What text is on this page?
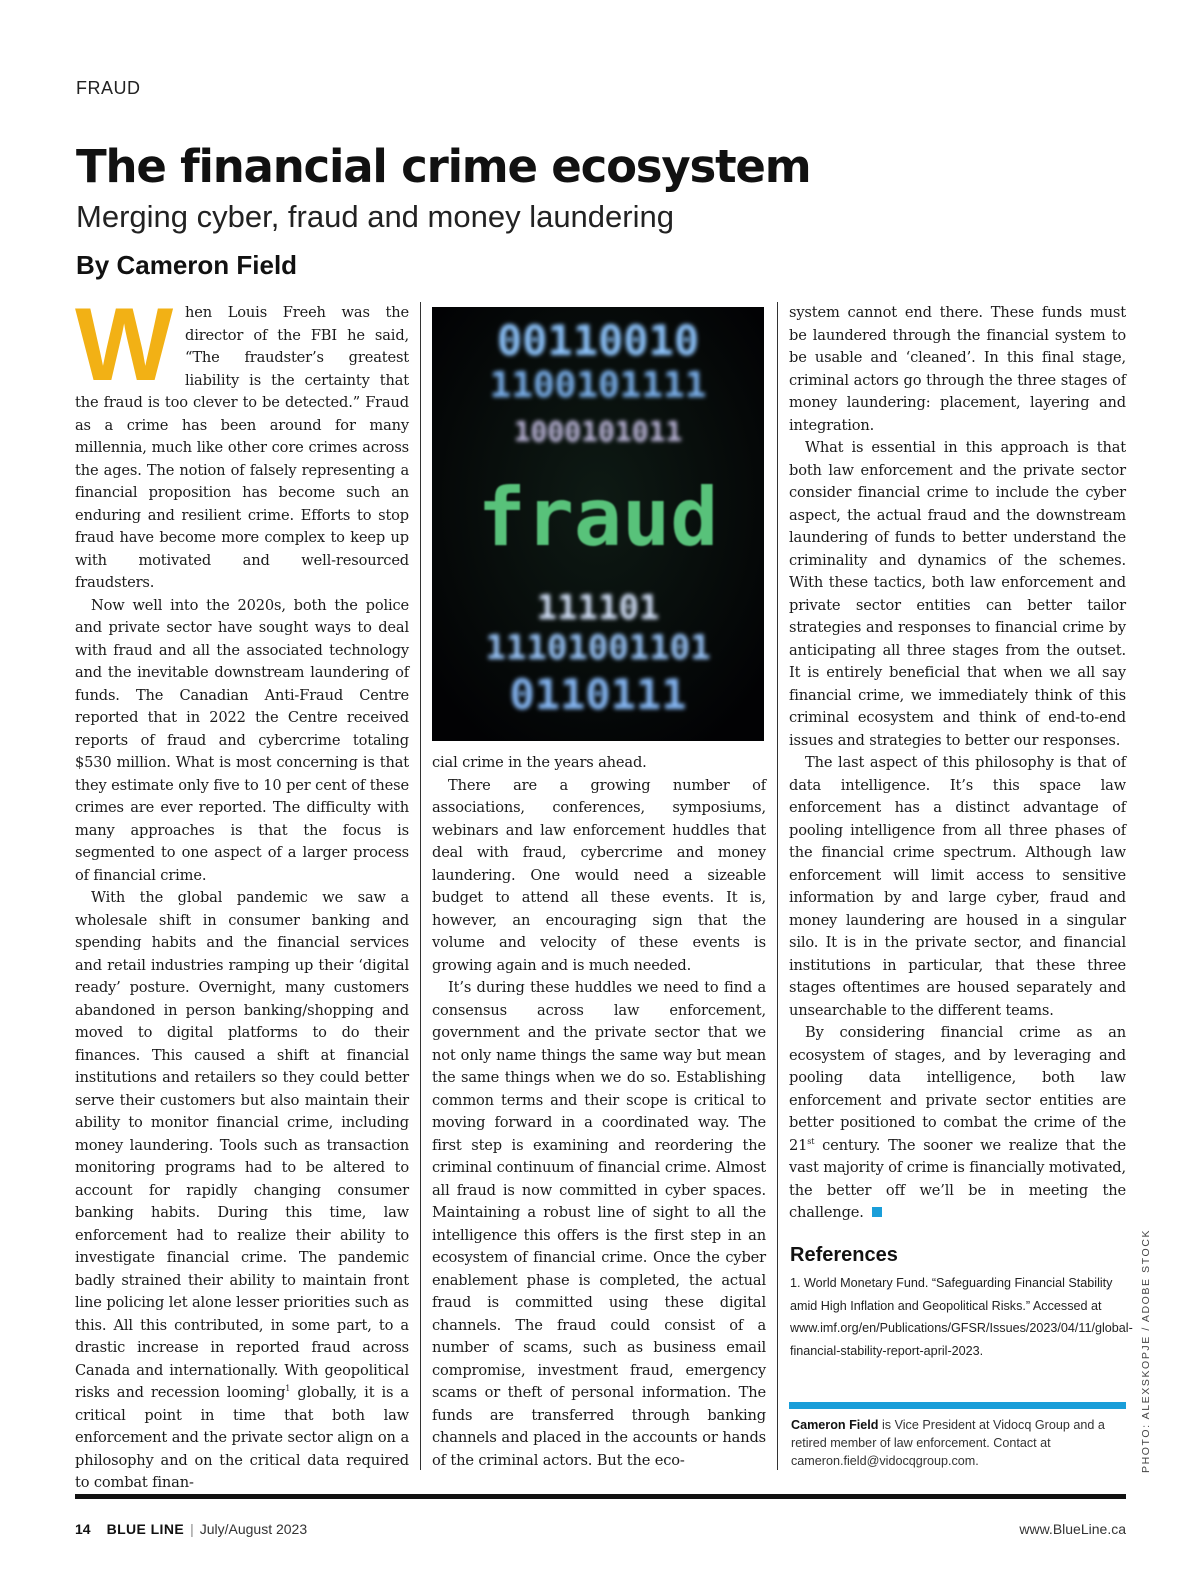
FRAUD
The financial crime ecosystem
Merging cyber, fraud and money laundering
By Cameron Field

When Louis Freeh was the director of the FBI he said, “The fraudster’s greatest liability is the certainty that the fraud is too clever to be detected.” Fraud as a crime has been around for many millennia, much like other core crimes across the ages. The notion of falsely representing a financial proposition has become such an enduring and resilient crime. Efforts to stop fraud have become more complex to keep up with motivated and well-resourced fraudsters.

Now well into the 2020s, both the police and private sector have sought ways to deal with fraud and all the associated technology and the inevitable downstream laundering of funds. The Canadian Anti-Fraud Centre reported that in 2022 the Centre received reports of fraud and cybercrime totaling $530 million. What is most concerning is that they estimate only five to 10 per cent of these crimes are ever reported. The difficulty with many approaches is that the focus is segmented to one aspect of a larger process of financial crime.

With the global pandemic we saw a wholesale shift in consumer banking and spending habits and the financial services and retail industries ramping up their ‘digital ready’ posture. Overnight, many customers abandoned in person banking/shopping and moved to digital platforms to do their finances. This caused a shift at financial institutions and retailers so they could better serve their customers but also maintain their ability to monitor financial crime, including money laundering. Tools such as transaction monitoring programs had to be altered to account for rapidly changing consumer banking habits. During this time, law enforcement had to realize their ability to investigate financial crime. The pandemic badly strained their ability to maintain front line policing let alone lesser priorities such as this. All this contributed, in some part, to a drastic increase in reported fraud across Canada and internationally. With geopolitical risks and recession looming$^1$ globally, it is a critical point in time that both law enforcement and the private sector align on a philosophy and on the critical data required to combat finan-

00110010
1100101111
1000101011
111101
11101001101
0110111
fraud

cial crime in the years ahead.

There are a growing number of associations, conferences, symposiums, webinars and law enforcement huddles that deal with fraud, cybercrime and money laundering. One would need a sizeable budget to attend all these events. It is, however, an encouraging sign that the volume and velocity of these events is growing again and is much needed.

It’s during these huddles we need to find a consensus across law enforcement, government and the private sector that we not only name things the same way but mean the same things when we do so. Establishing common terms and their scope is critical to moving forward in a coordinated way. The first step is examining and reordering the criminal continuum of financial crime. Almost all fraud is now committed in cyber spaces. Maintaining a robust line of sight to all the intelligence this offers is the first step in an ecosystem of financial crime. Once the cyber enablement phase is completed, the actual fraud is committed using these digital channels. The fraud could consist of a number of scams, such as business email compromise, investment fraud, emergency scams or theft of personal information. The funds are transferred through banking channels and placed in the accounts or hands of the criminal actors. But the eco-

system cannot end there. These funds must be laundered through the financial system to be usable and ‘cleaned’. In this final stage, criminal actors go through the three stages of money laundering: placement, layering and integration.

What is essential in this approach is that both law enforcement and the private sector consider financial crime to include the cyber aspect, the actual fraud and the downstream laundering of funds to better understand the criminality and dynamics of the schemes. With these tactics, both law enforcement and private sector entities can better tailor strategies and responses to financial crime by anticipating all three stages from the outset. It is entirely beneficial that when we all say financial crime, we immediately think of this criminal ecosystem and think of end-to-end issues and strategies to better our responses.

The last aspect of this philosophy is that of data intelligence. It’s this space law enforcement has a distinct advantage of pooling intelligence from all three phases of the financial crime spectrum. Although law enforcement will limit access to sensitive information by and large cyber, fraud and money laundering are housed in a singular silo. It is in the private sector, and financial institutions in particular, that these three stages oftentimes are housed separately and unsearchable to the different teams.

By considering financial crime as an ecosystem of stages, and by leveraging and pooling data intelligence, both law enforcement and private sector entities are better positioned to combat the crime of the 21st century. The sooner we realize that the vast majority of crime is financially motivated, the better off we’ll be in meeting the challenge.

References
1. World Monetary Fund. “Safeguarding Financial Stability amid High Inflation and Geopolitical Risks.” Accessed at www.imf.org/en/Publications/GFSR/Issues/2023/04/11/global-financial-stability-report-april-2023.
Cameron Field is Vice President at Vidocq Group and a retired member of law enforcement. Contact at cameron.field@vidocqgroup.com.	PHOTO: ALEXSKOPJE / ADOBE STOCK
14 BLUE LINE | July/August 2023	www.BlueLine.ca
